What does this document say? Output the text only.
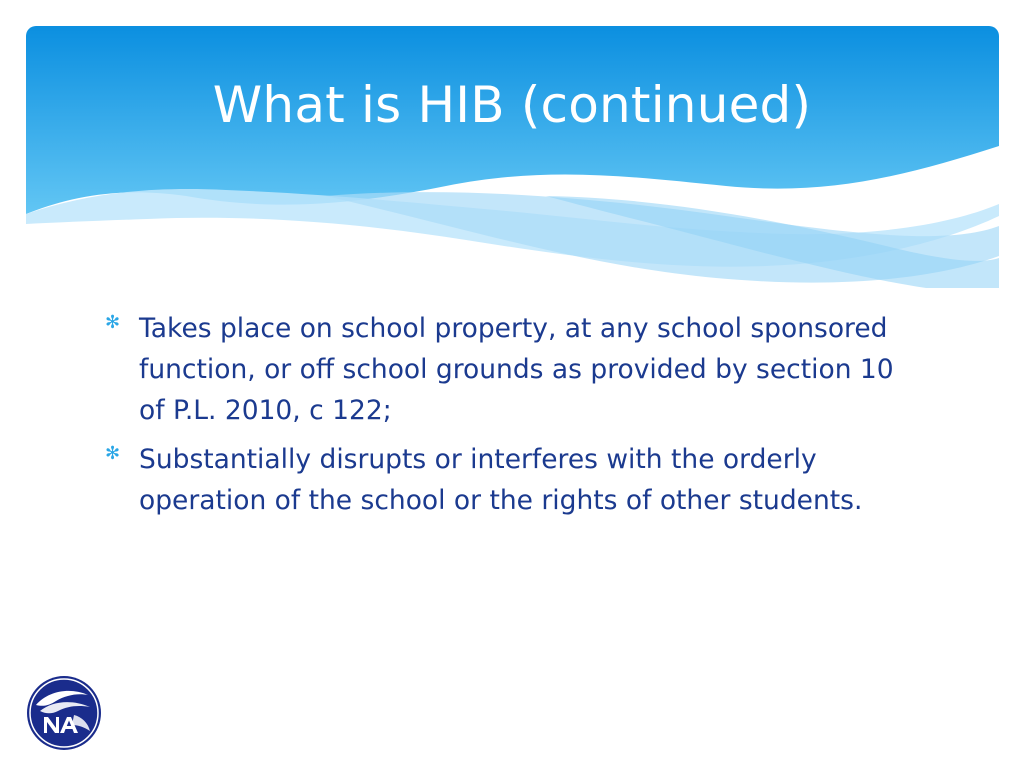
What is HIB (continued)
✻ Takes place on school property, at any school sponsored function, or off school grounds as provided by section 10 of P.L. 2010, c 122;
✻ Substantially disrupts or interferes with the orderly operation of the school or the rights of other students.
